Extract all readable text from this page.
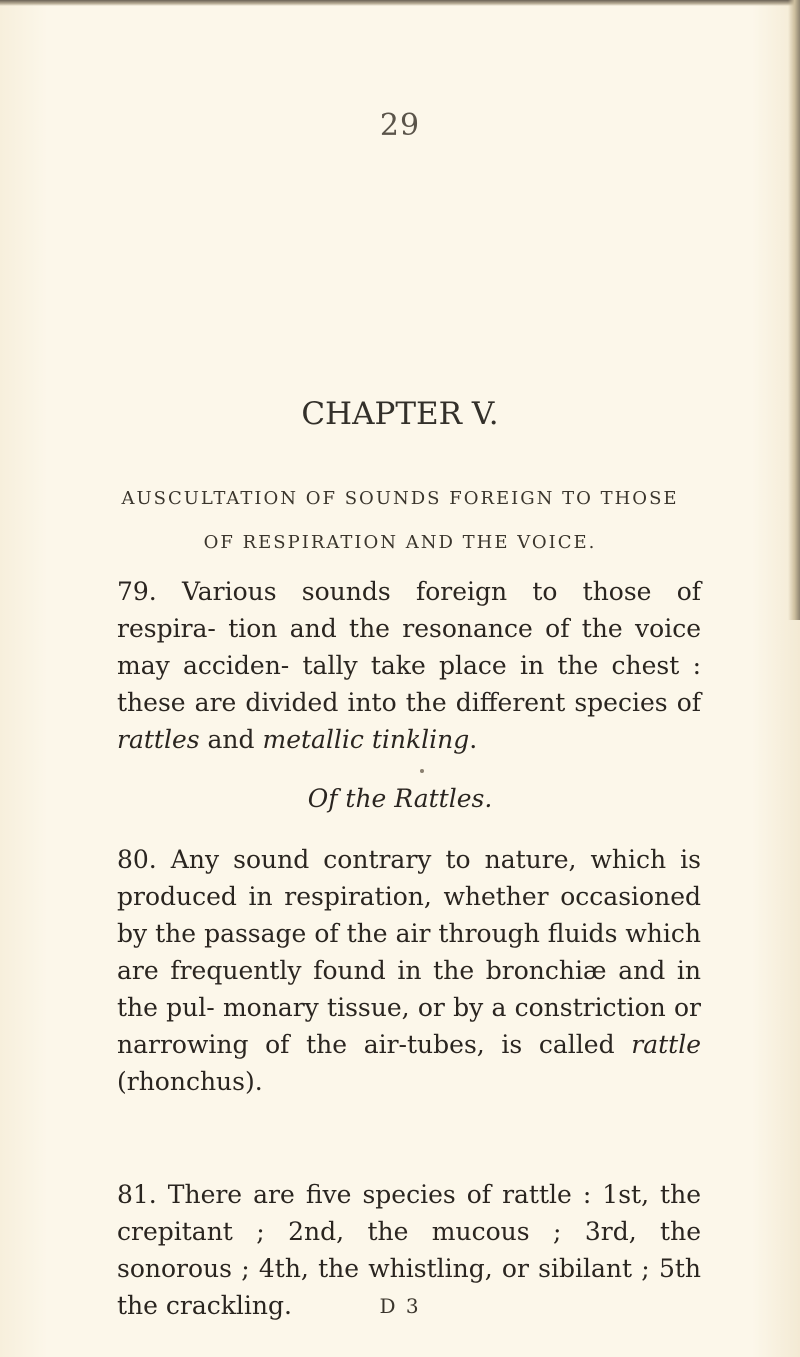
29
CHAPTER V.
AUSCULTATION OF SOUNDS FOREIGN TO THOSE
OF RESPIRATION AND THE VOICE.
79. Various sounds foreign to those of respira- tion and the resonance of the voice may acciden- tally take place in the chest : these are divided into the different species of rattles and metallic tinkling.
Of the Rattles.
80. Any sound contrary to nature, which is produced in respiration, whether occasioned by the passage of the air through fluids which are frequently found in the bronchiæ and in the pul- monary tissue, or by a constriction or narrowing of the air-tubes, is called rattle (rhonchus).
81. There are five species of rattle : 1st, the crepitant ; 2nd, the mucous ; 3rd, the sonorous ; 4th, the whistling, or sibilant ; 5th the crackling.	D 3
